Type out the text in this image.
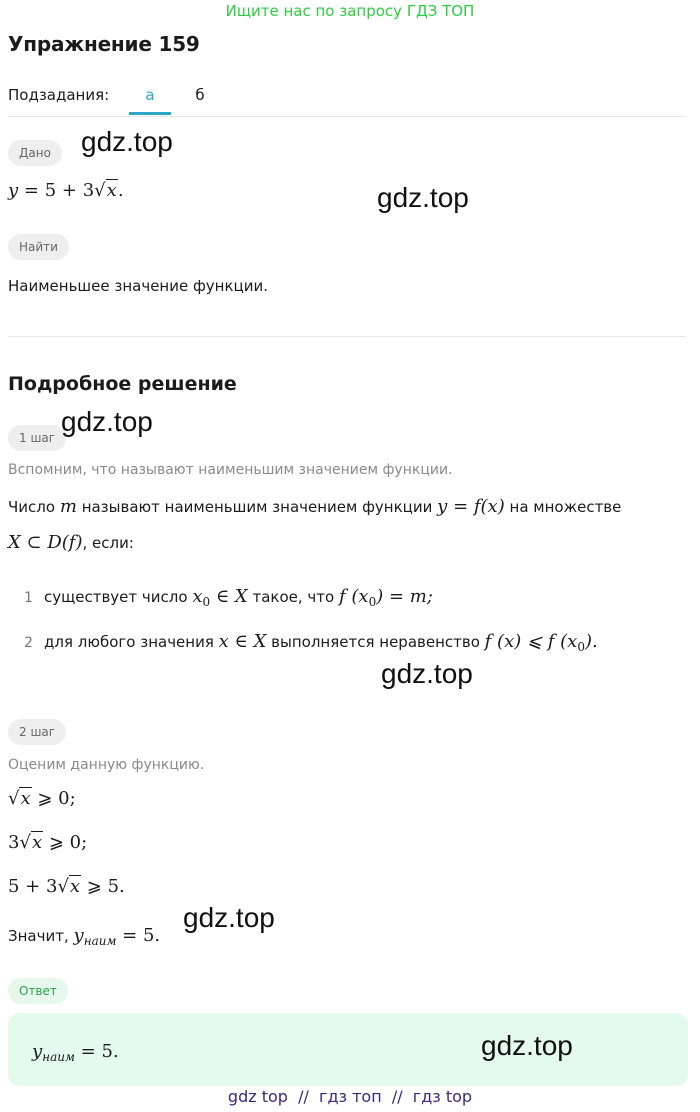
Ищите нас по запросу ГДЗ ТОП
Упражнение 159
Подзадания:	а	б
Дано	gdz.top
y = 5 + 3√x.	gdz.top
Найти
Наименьшее значение функции.
Подробное решение
1 шаг
gdz.top
Вспомним, что называют наименьшим значением функции.
Число m называют наименьшим значением функции y = f(x) на множестве
X ⊂ D(f), если:
1 существует число $x_0$ ∈ X такое, что f $(x_0) = m$;
2 для любого значения x ∈ X выполняется неравенство f (x) ⩽ f $(x_0)$.
gdz.top
2 шаг
Оценим данную функцию.
√x ⩾ 0;
3√x ⩾ 0;
5 + 3√x ⩾ 5.
Значит, $y_{наим} = 5$.
gdz.top
Ответ
$y_{наим} = 5$.	gdz.top
gdz top  //  гдз топ  //  гдз top
